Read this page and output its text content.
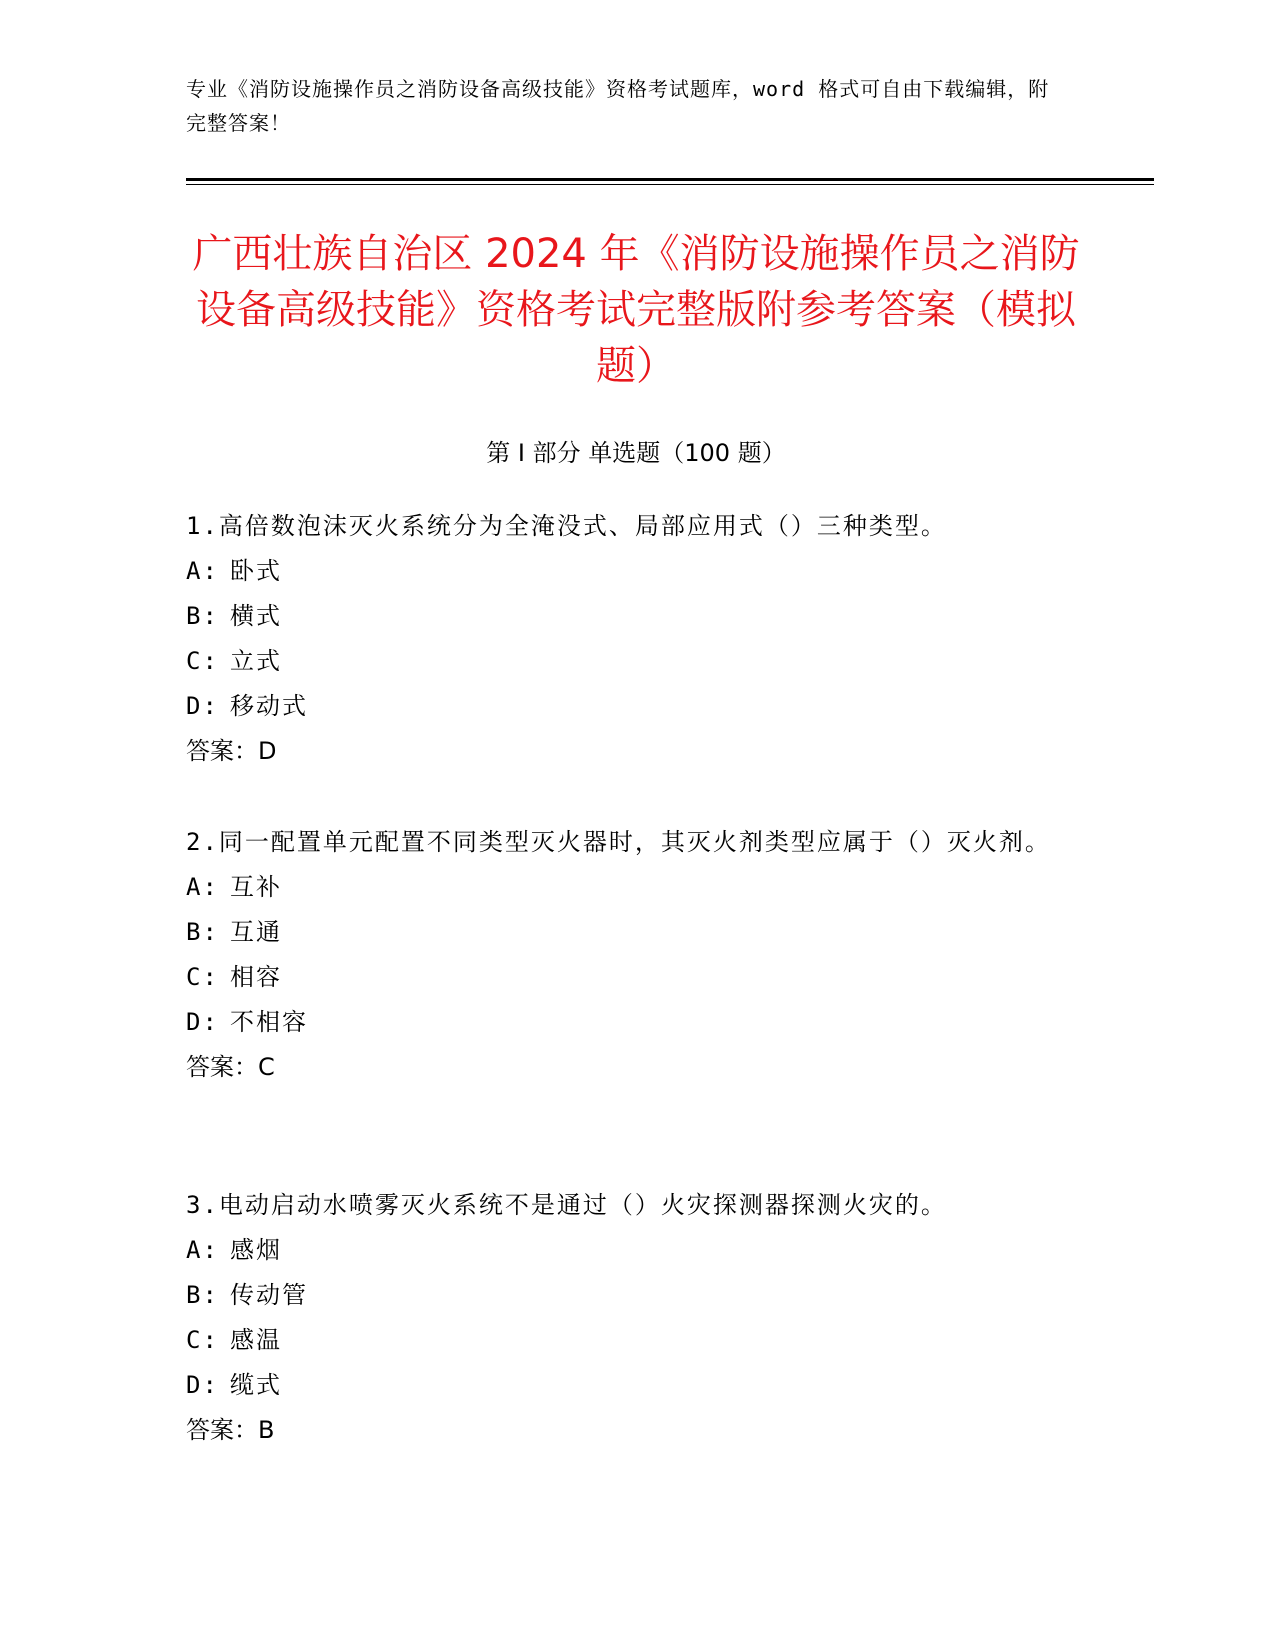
专业《消防设施操作员之消防设备高级技能》资格考试题库，word 格式可自由下载编辑，附完整答案！
广西壮族自治区 2024 年《消防设施操作员之消防设备高级技能》资格考试完整版附参考答案（模拟题）
第 I 部分 单选题（100 题）
1.高倍数泡沫灭火系统分为全淹没式、局部应用式（）三种类型。
A: 卧式
B: 横式
C: 立式
D: 移动式
答案：D
2.同一配置单元配置不同类型灭火器时，其灭火剂类型应属于（）灭火剂。
A: 互补
B: 互通
C: 相容
D: 不相容
答案：C
3.电动启动水喷雾灭火系统不是通过（）火灾探测器探测火灾的。
A: 感烟
B: 传动管
C: 感温
D: 缆式
答案：B
